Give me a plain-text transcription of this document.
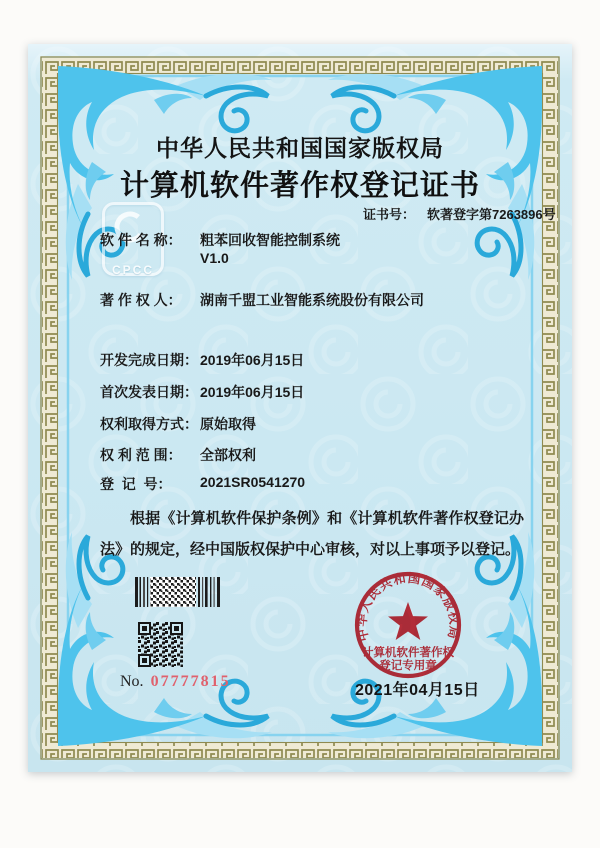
CPCC
中华人民共和国国家版权局
计算机软件著作权登记证书
证书号： 软著登字第7263896号
软 件 名 称：	粗苯回收智能控制系统
V1.0
著 作 权 人：	湖南千盟工业智能系统股份有限公司
开发完成日期： 2019年06月15日
首次发表日期： 2019年06月15日
权利取得方式： 原始取得
权 利 范 围：	全部权利
登  记  号：	2021SR0541270
根据《计算机软件保护条例》和《计算机软件著作权登记办法》的规定，经中国版权保护中心审核，对以上事项予以登记。
No. 07777815
2021年04月15日
中华人民共和国国家版权局
计算机软件著作权
登记专用章
